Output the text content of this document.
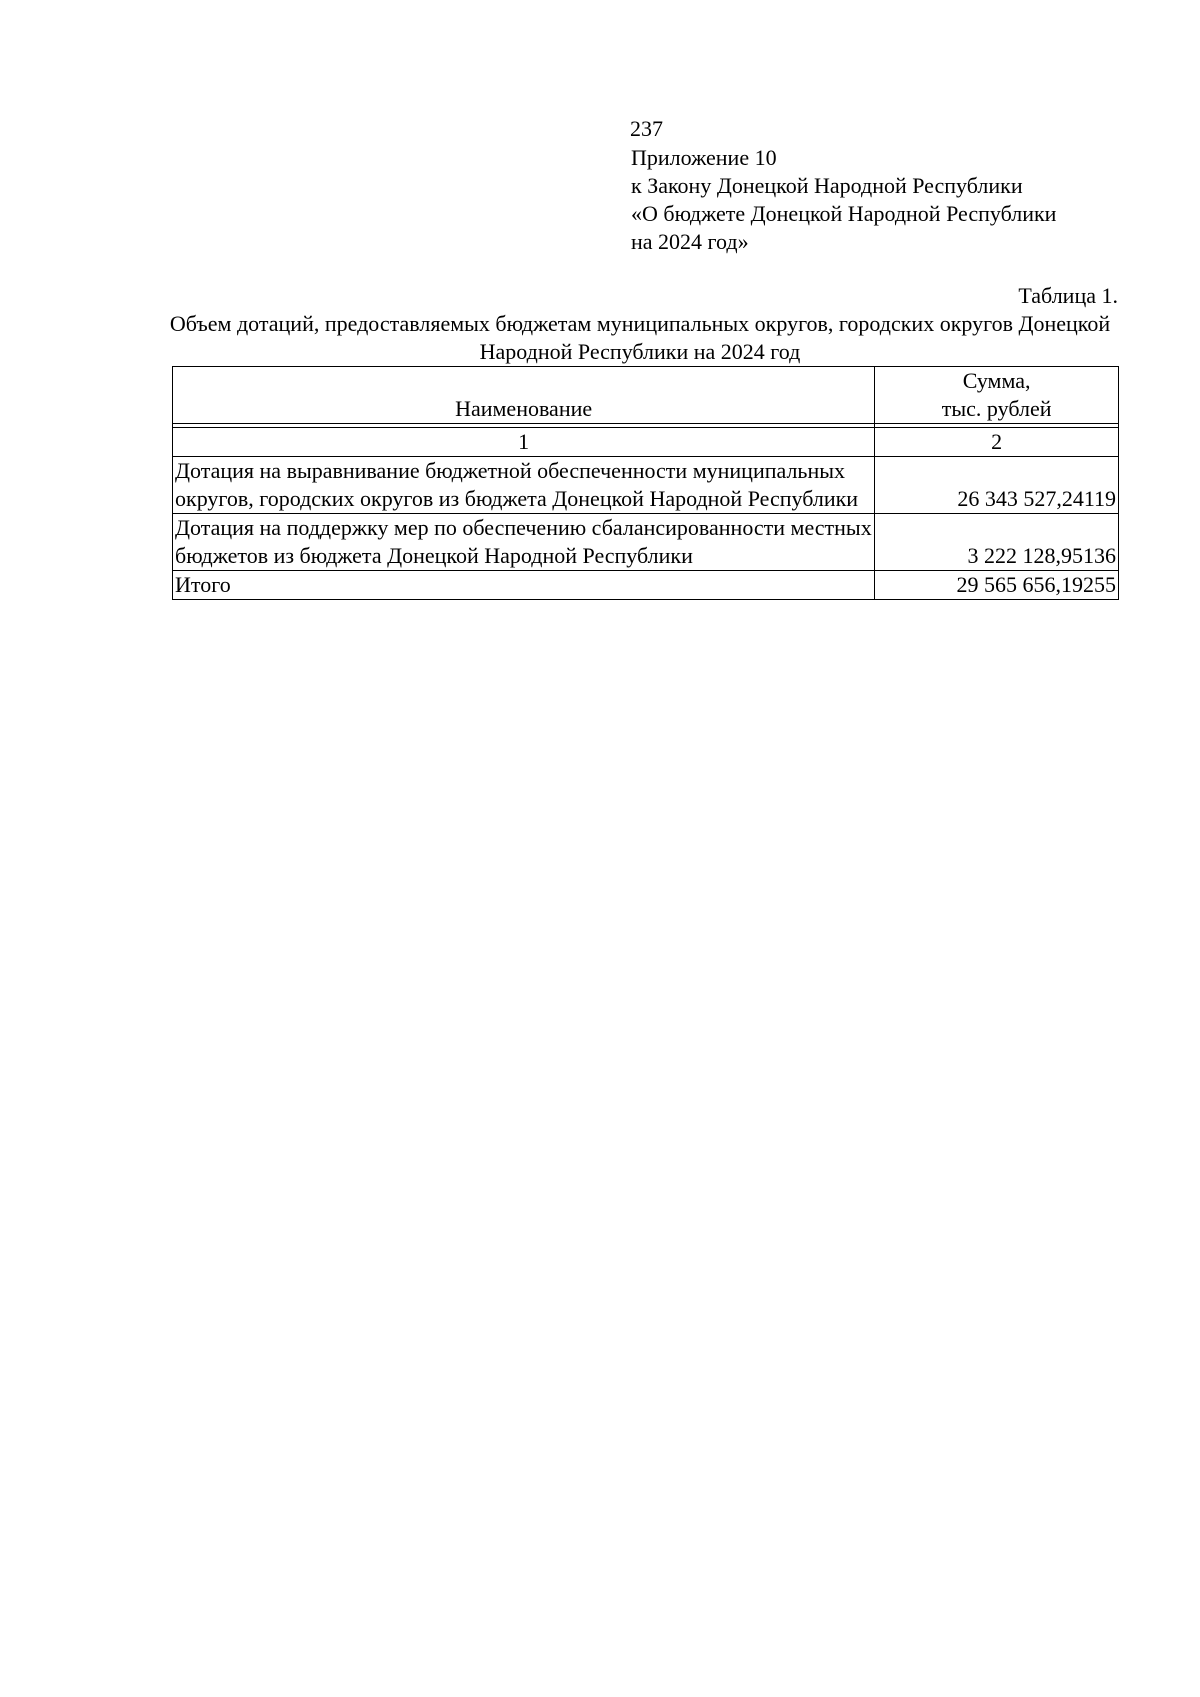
237
Приложение 10
к Закону Донецкой Народной Республики
«О бюджете Донецкой Народной Республики
на 2024 год»
Таблица 1.
Объем дотаций, предоставляемых бюджетам муниципальных округов, городских округов Донецкой Народной Республики на 2024 год
Наименование	Сумма,
тыс. рублей

1	2
Дотация на выравнивание бюджетной обеспеченности муниципальных округов, городских округов из бюджета Донецкой Народной Республики	26 343 527,24119
Дотация на поддержку мер по обеспечению сбалансированности местных бюджетов из бюджета Донецкой Народной Республики	3 222 128,95136
Итого	29 565 656,19255
